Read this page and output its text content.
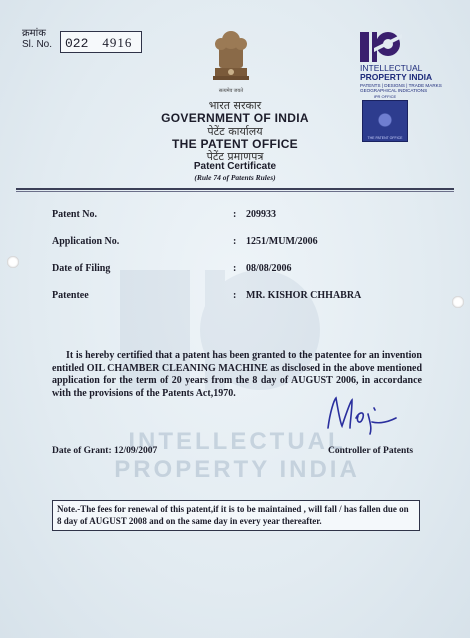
INTELLECTUAL
PROPERTY INDIA
क्रमांक
Sl. No. 022 4916
सत्यमेव जयते
INTELLECTUAL
PROPERTY INDIA
PATENTS | DESIGNS | TRADE MARKS
GEOGRAPHICAL INDICATIONS
IPR OFFICE
THE PATENT OFFICE
भारत सरकार
GOVERNMENT OF INDIA
पेटेंट कार्यालय
THE PATENT OFFICE
पेटेंट प्रमाणपत्र
Patent Certificate
(Rule 74 of Patents Rules)
Patent No.	: 209933
Application No.	: 1251/MUM/2006
Date of Filing	: 08/08/2006
Patentee	: MR. KISHOR CHHABRA
It is hereby certified that a patent has been granted to the patentee for an invention entitled OIL CHAMBER CLEANING MACHINE as disclosed in the above mentioned application for the term of 20 years from the 8 day of AUGUST 2006, in accordance with the provisions of the Patents Act,1970.
Date of Grant: 12/09/2007	Controller of Patents
Note.-The fees for renewal of this patent,if it is to be maintained , will fall / has fallen due on 8 day of AUGUST 2008 and on the same day in every year thereafter.
